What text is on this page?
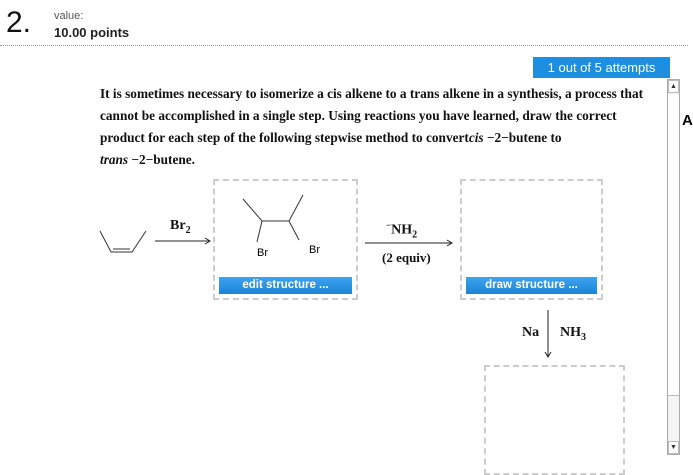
2. value:
10.00 points
1 out of 5 attempts
It is sometimes necessary to isomerize a cis alkene to a trans alkene in a synthesis, a process that cannot be accomplished in a single step. Using reactions you have learned, draw the correct product for each step of the following stepwise method to convertcis −2−butene to
trans −2−butene.
$Br_2$
Br	Br
edit structure ...
$^-NH_2$
(2 equiv)
draw structure ...
Na $NH_3$
▲
▼
A
